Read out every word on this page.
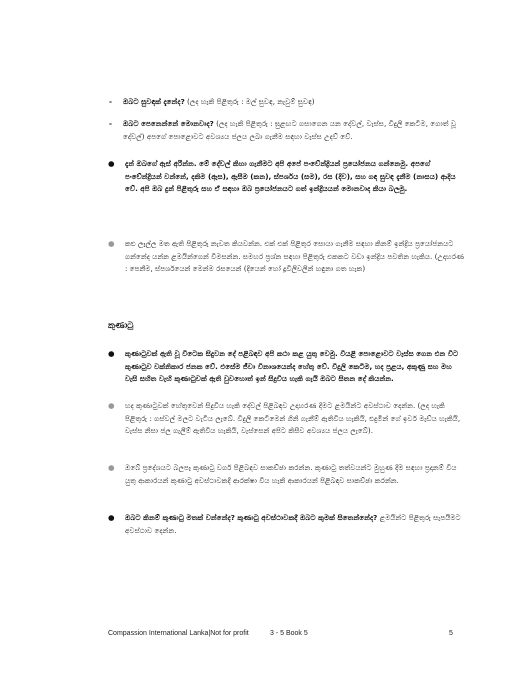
- ඔබට සුවඳක් දැනේද? (ලද හැකි පිළිතුරු : මල් සුවඳ, නැවුම් සුවඳ)
- ඔබට පෙනෙන්නේ මොනවාද? (ලද හැකි පිළිතුරු : ඝුළඟට ගසාගෙන යන දේවල්, වැස්ස, විදුලි කෙටීම, ගොත් වූ දේවල්) අපගේ පොළොවට අවශ්‍යය ජලය ලබා ගැනීම සඳහා වැස්ස උදව් වේ.
● දැන් ඔබගේ ඇස් අරින්න. මේ දේවල් කිහා ගැනීමට අපි අපේ පංචේන්ද්‍රියන් ප්‍රයෝජනය ගන්නෙමු. අපගේ පංචේන්ද්‍රියන් වන්නේ, දකිම (ඇස), ඇසීම (කන), ස්පර්ශය (සම), රස (දිව), සහ ගඳ සුවඳ දැනීම (නාසය) ආදිය වේ. අපි ඔබ දුන් පිළිතුරු සහ ඒ සඳහා ඔබ ප්‍රයෝජනයට ගත් ඉන්ද්‍රියයන් මොනවාද කියා බලමු.
● කළු ලෑල්ල මත ඇති පිළිතුරු නැවත කියවන්න. එක් එක් පිළිතුර සොයා ගැනීම සඳහා කිනම් ඉන්ද්‍රිය ප්‍රයෝජනයට ගන්නේද යන්න ළමයින්ගෙන් විමසන්න. සමහර ප්‍රශ්න සඳහා පිළිතුරු එකකට වඩා ඉන්ද්‍රිය පවතින හැකිය. (උදාහරණ : පෙනීම, ස්පර්ශයෙන් මෙන්ම රසයෙන් (දියෙන් හෝ දූවිලිවලින් හඳුනා ගත හැක)
කුණාටු
● කුණාටුවක් ඇති වූ විටෙක සිදුවන දේ පළිබඳව අපි කථා කළ යුතු වෙමු. වියළි පොළොවට වැස්ස ගෙන එන විට කුණාටුව වක්නිකාර ජනක වේ. එසේම ජීවා විනාශයෙන්ද හේතු වේ. විදුලි කෙටීම, හද ප්‍රළය, අකුණු සහ මහ වැසි සහිත වැහි කුණාටුවක් ඇති වුවහොත් ඉන් සිදුවිය හැකි ගැයි ඔබට සිතන දේ කියන්න.
● හද කුණාටුවක් හේතුවෙන් සිදුවිය හැකි දේවල් පිළිබඳව උදාහරණ දීමට ළමයින්ට අවස්ථාව දෙන්න. (ලද හැකි පිළිතුරු : ගස්වල් මලට වැටිය ලැබේ. විදුලි කෙටීමෙන් ගිනි ගැනීම් ඇතිවිය හැකියි, ළුදුමින් ගේ ඉවර් මැඩ්ය හැකියි, වැස්ස නිසා ජල ගැලීම් ඇතිවිය හැකියි, වැස්සෙන් අපිට කිසීව අවශ්‍යය ජලය ලැබේ).
● ඔබේ ප්‍රදේශයට බලපෑ කුණාටු වර්ග පිළිබඳව සාකච්ඡා කරන්න. කුණාටු තත්වයන්ට මුහුණ දීම සඳහා ප්‍රදානම් වීය යුතු ආකාරයන් කුණාටු අවස්ථාවකදී ආරක්ෂා විය හැකි ආකාරයන් පිළිබඳව සාකච්ඡා කරන්න.
● ඔබට කිනම් කුණාටු මතක් වන්නේද? කුණාටු අවස්ථාවකදී ඔබට කුමක් සිතෙන්නේද? ළමයින්ට පිළිතුරු සැපයීමට අවස්ථාව දෙන්න.
Compassion International Lanka|Not for profit	3 - 5 Book 5	5
